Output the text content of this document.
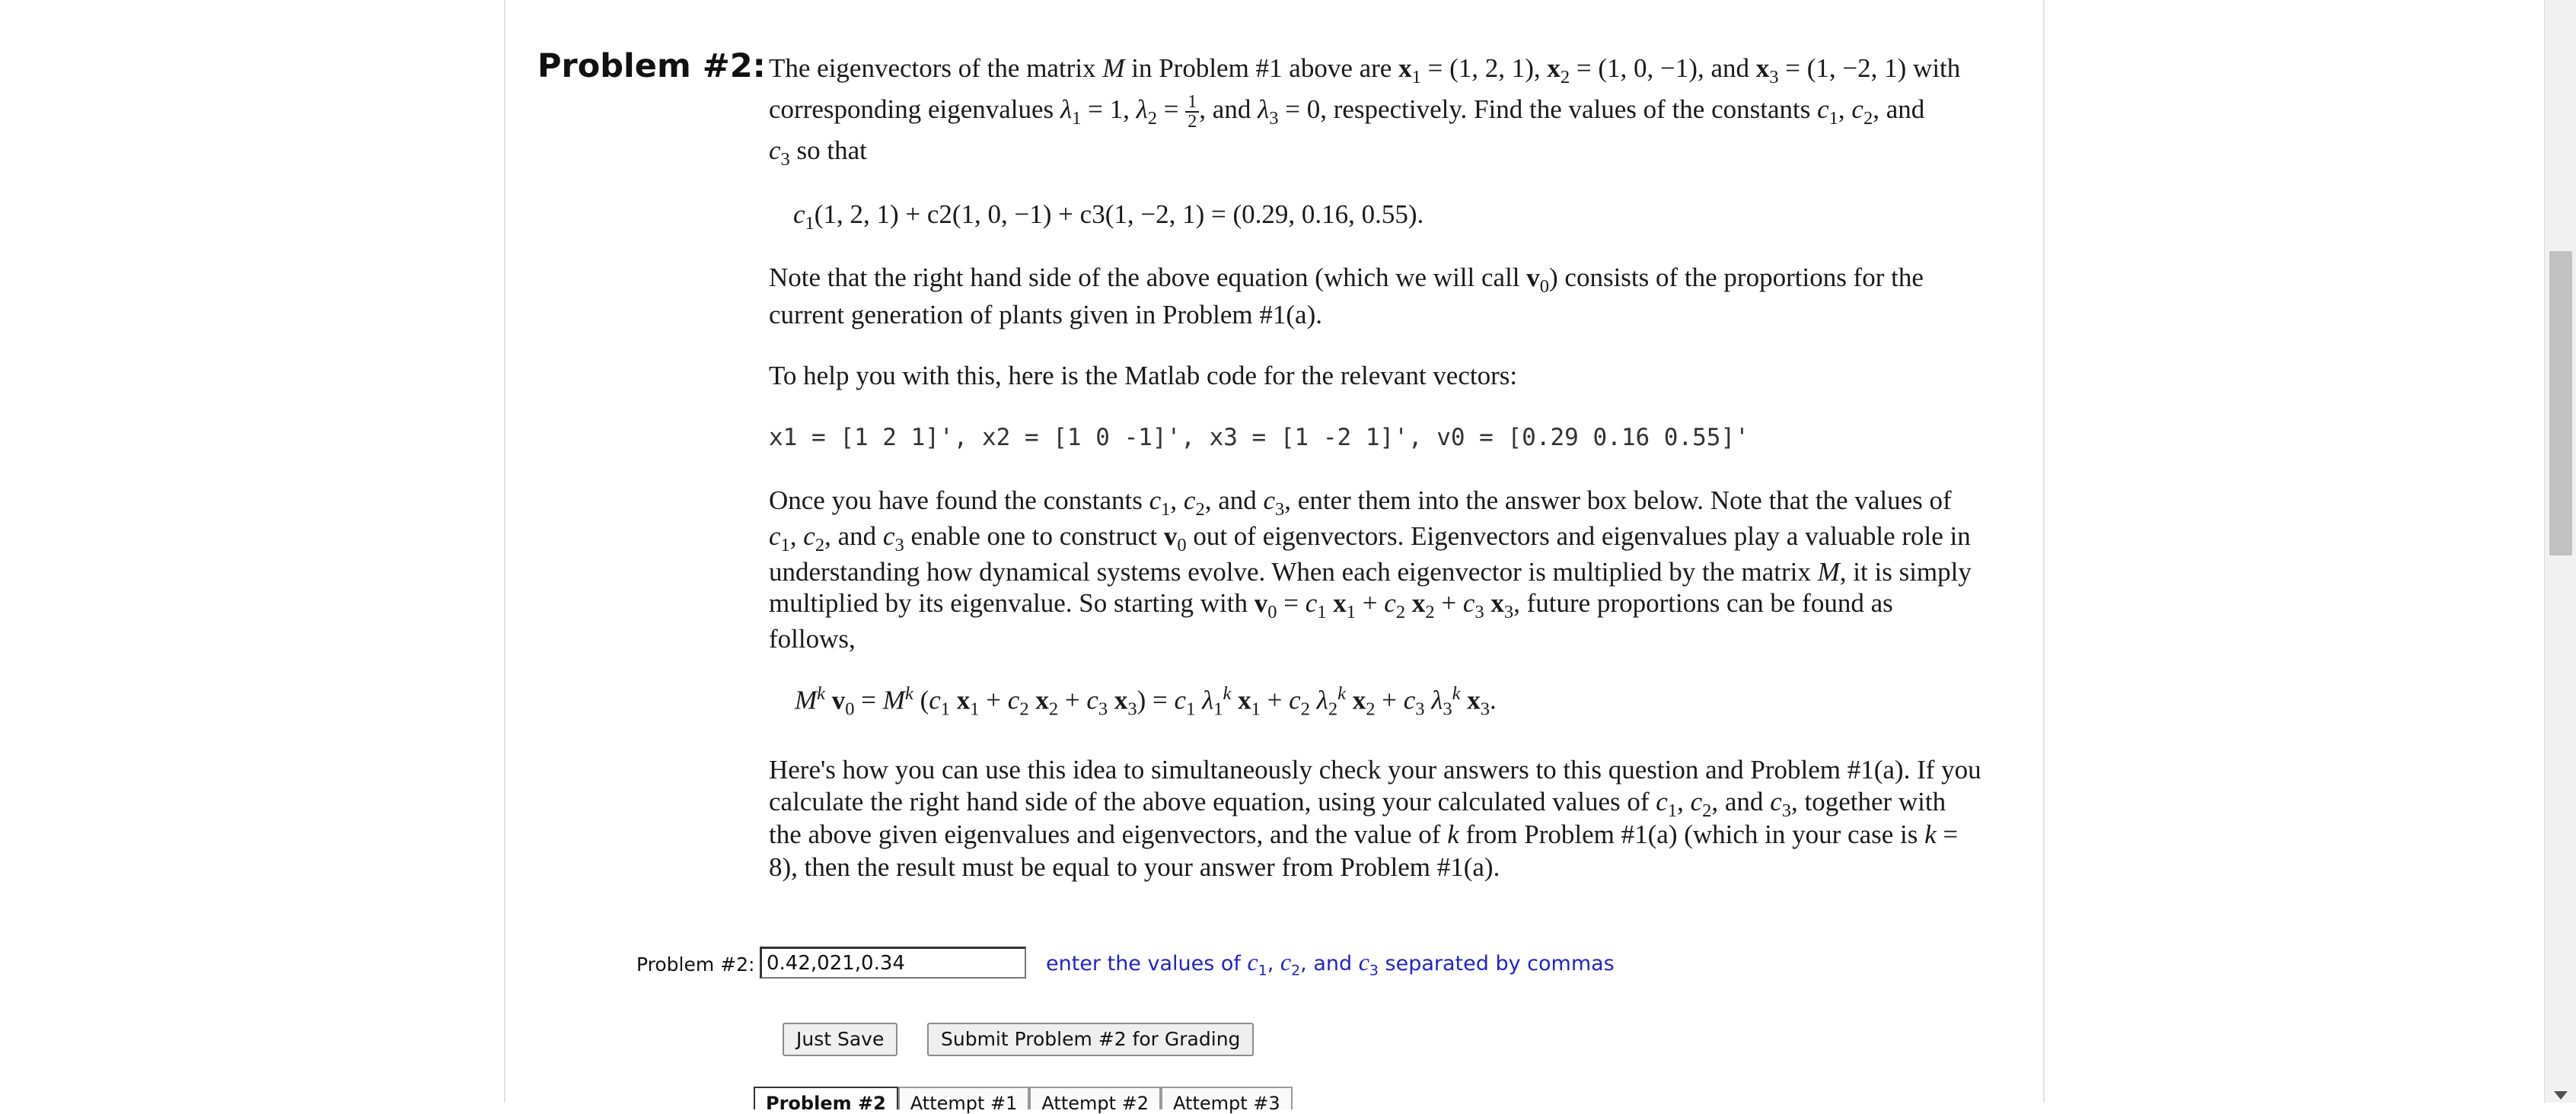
Problem #2: The eigenvectors of the matrix M in Problem #1 above are $x_1 = (1$, 2, 1), $x_2 = (1$, 0, −1), and $x_3 = (1$, −2, 1) with
corresponding eigenvalues $\lambda_1 = 1$, $\lambda_2 = \frac{1}{2}$ , and $\lambda_3 = 0$, respectively. Find the values of the constants $c_1$, $c_2$, and
$c_3$ so that
$c_1(1$, 2, 1) + c2(1, 0, −1) + c3(1, −2, 1) = (0.29, 0.16, 0.55).
Note that the right hand side of the above equation (which we will call $v_0$) consists of the proportions for the
current generation of plants given in Problem #1(a).
To help you with this, here is the Matlab code for the relevant vectors:
x1 = [1 2 1]', x2 = [1 0 -1]', x3 = [1 -2 1]', v0 = [0.29 0.16 0.55]'
Once you have found the constants $c_1$, $c_2$, and $c_3$, enter them into the answer box below. Note that the values of
$c_1$, $c_2$, and $c_3$ enable one to construct $v_0$ out of eigenvectors. Eigenvectors and eigenvalues play a valuable role in
understanding how dynamical systems evolve. When each eigenvector is multiplied by the matrix M, it is simply
multiplied by its eigenvalue. So starting with $v_0 = c_1$ $x_1 + c_2$ $x_2 + c_3$ $x_3$, future proportions can be found as
follows,
$M^k$ $v_0 = M^k$ ($c_1$ $x_1 + c_2$ $x_2 + c_3$ $x_3) = c_1$ $\lambda_1^k$ $x_1 + c_2$ $\lambda_2^k$ $x_2 + c_3$ $\lambda_3^k$ $x_3$.
Here's how you can use this idea to simultaneously check your answers to this question and Problem #1(a). If you
calculate the right hand side of the above equation, using your calculated values of $c_1$, $c_2$, and $c_3$, together with
the above given eigenvalues and eigenvectors, and the value of k from Problem #1(a) (which in your case is k =
8), then the result must be equal to your answer from Problem #1(a).
Problem #2:
0.42,021,0.34	enter the values of $c_1$, $c_2$, and $c_3$ separated by commas
Just Save	Submit Problem #2 for Grading
Problem #2	Attempt #1	Attempt #2	Attempt #3
